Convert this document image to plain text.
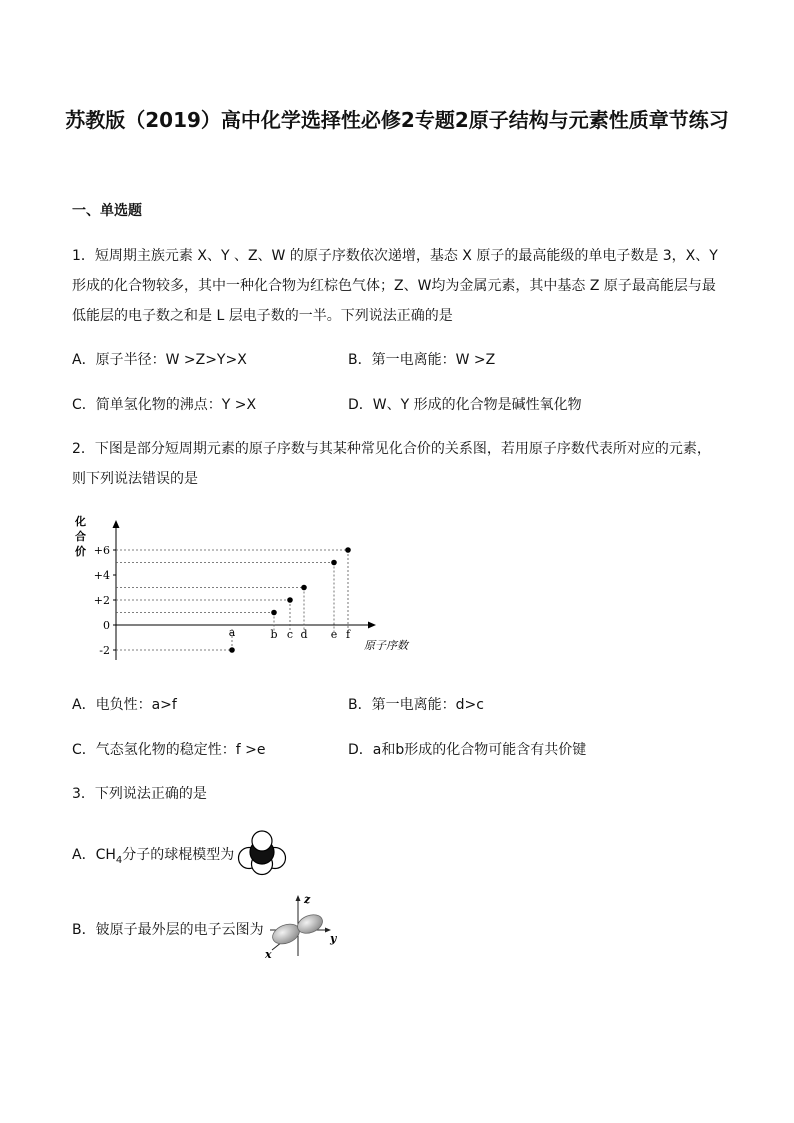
苏教版（2019）高中化学选择性必修2专题2原子结构与元素性质章节练习
一、单选题
1．短周期主族元素 X、Y 、Z、W 的原子序数依次递增，基态 X 原子的最高能级的单电子数是 3，X、Y 形成的化合物较多，其中一种化合物为红棕色气体；Z、W均为金属元素，其中基态 Z 原子最高能层与最低能层的电子数之和是 L 层电子数的一半。下列说法正确的是
A．原子半径：W >Z>Y>X	B．第一电离能：W >Z
C．简单氢化物的沸点：Y >X	D．W、Y 形成的化合物是碱性氧化物
2．下图是部分短周期元素的原子序数与其某种常见化合价的关系图，若用原子序数代表所对应的元素，则下列说法错误的是
化
合
价 +6
+4
+2
0
-2
a	b c d e f
原子序数
A．电负性：a>f	B．第一电离能：d>c
C．气态氢化物的稳定性：f >e	D．a和b形成的化合物可能含有共价键
3．下列说法正确的是
A．$CH_4$分子的球棍模型为
B．铍原子最外层的电子云图为
z
y
x
